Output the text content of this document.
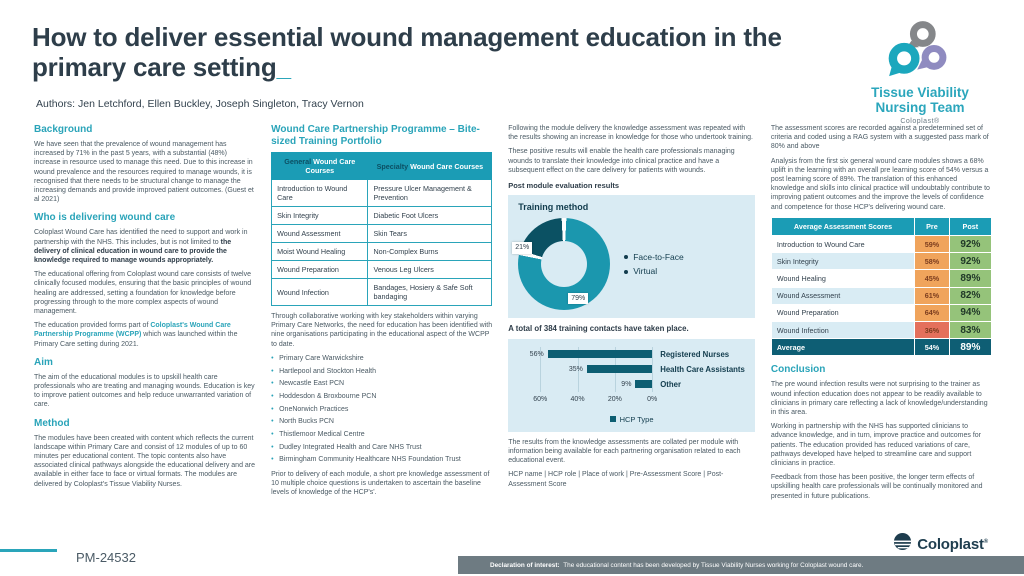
How to deliver essential wound management education in the primary care setting_
Authors: Jen Letchford, Ellen Buckley, Joseph Singleton, Tracy Vernon
Tissue Viability
Nursing Team
Coloplast®
Background

We have seen that the prevalence of wound management has increased by 71% in the past 5 years, with a substantial (48%) increase in resource used to manage this need. Due to this increase in wound prevalence and the resources required to manage wounds, it is recognised that there needs to be structural change to manage the increasing demands and provide improved patient outcomes. (Guest et al 2021)

Who is delivering wound care

Coloplast Wound Care has identified the need to support and work in partnership with the NHS. This includes, but is not limited to the delivery of clinical education in wound care to provide the knowledge required to manage wounds appropriately.

The educational offering from Coloplast wound care consists of twelve clinically focused modules, ensuring that the basic principles of wound healing are addressed, setting a foundation for knowledge before progressing through to the more complex aspects of wound management.

The education provided forms part of Coloplast's Wound Care Partnership Programme (WCPP) which was launched within the Primary Care setting during 2021.

Aim

The aim of the educational modules is to upskill health care professionals who are treating and managing wounds. Education is key to improve patient outcomes and help reduce unwarranted variation of care.

Method

The modules have been created with content which reflects the current landscape within Primary Care and consist of 12 modules of up to 60 minutes per educational content. The topic contents also have associated clinical pathways alongside the educational delivery and are available in either face to face or virtual formats. The modules are delivered by Coloplast's Tissue Viability Nurses.

Wound Care Partnership Programme – Bite-sized Training Portfolio
General Wound Care Courses	Specialty Wound Care Courses
Introduction to Wound Care	Pressure Ulcer Management & Prevention
Skin Integrity	Diabetic Foot Ulcers
Wound Assessment	Skin Tears
Moist Wound Healing	Non-Complex Burns
Wound Preparation	Venous Leg Ulcers
Wound Infection	Bandages, Hosiery & Safe Soft bandaging

Through collaborative working with key stakeholders within varying Primary Care Networks, the need for education has been identified with nine organisations participating in the educational aspect of the WCPP to date.

• Primary Care Warwickshire
• Hartlepool and Stockton Health
• Newcastle East PCN
• Hoddesdon & Broxbourne PCN
• OneNorwich Practices
• North Bucks PCN
• Thistlemoor Medical Centre
• Dudley Integrated Health and Care NHS Trust
• Birmingham Community Healthcare NHS Foundation Trust

Prior to delivery of each module, a short pre knowledge assessment of 10 multiple choice questions is undertaken to ascertain the baseline levels of knowledge of the HCP's'.

Following the module delivery the knowledge assessment was repeated with the results showing an increase in knowledge for those who undertook training.

These positive results will enable the health care professionals managing wounds to translate their knowledge into clinical practice and have a subsequent effect on the care delivery for patients with wounds.

Post module evaluation results
Training method
79%
21%
Face-to-Face
Virtual

A total of 384 training contacts have taken place.

56%
35%
9%
Registered Nurses
Health Care Assistants
Other
60%	40%	20%	0%
HCP Type

The results from the knowledge assessments are collated per module with information being available for each partnering organisation related to each educational event.

HCP name | HCP role | Place of work | Pre-Assessment Score | Post-Assessment Score

The assessment scores are recorded against a predetermined set of criteria and coded using a RAG system with a suggested pass mark of 80% and above

Analysis from the first six general wound care modules shows a 68% uplift in the learning with an overall pre learning score of 54% versus a post learning score of 89%. The translation of this enhanced knowledge and skills into clinical practice will undoubtably contribute to improving patient outcomes and the improve the levels of confidence and competence for those HCP's delivering wound care.

Average Assessment Scores	Pre	Post
Introduction to Wound Care	59%	92%
Skin Integrity	58%	92%
Wound Healing	45%	89%
Wound Assessment	61%	82%
Wound Preparation	64%	94%
Wound Infection	36%	83%
Average	54%	89%
Conclusion

The pre wound infection results were not surprising to the trainer as wound infection education does not appear to be readily available to clinicians in primary care reflecting a lack of knowledge/understanding in this area.

Working in partnership with the NHS has supported clinicians to advance knowledge, and in turn, improve practice and outcomes for patients. The education provided has reduced variations of care, pathways developed have helped to streamline care and support clinicians in practice.

Feedback from those has been positive, the longer term effects of upskilling health care professionals will be continually monitored and presented in future publications.

PM-24532
Coloplast®
Declaration of interest: The educational content has been developed by Tissue Viability Nurses working for Coloplast wound care.
